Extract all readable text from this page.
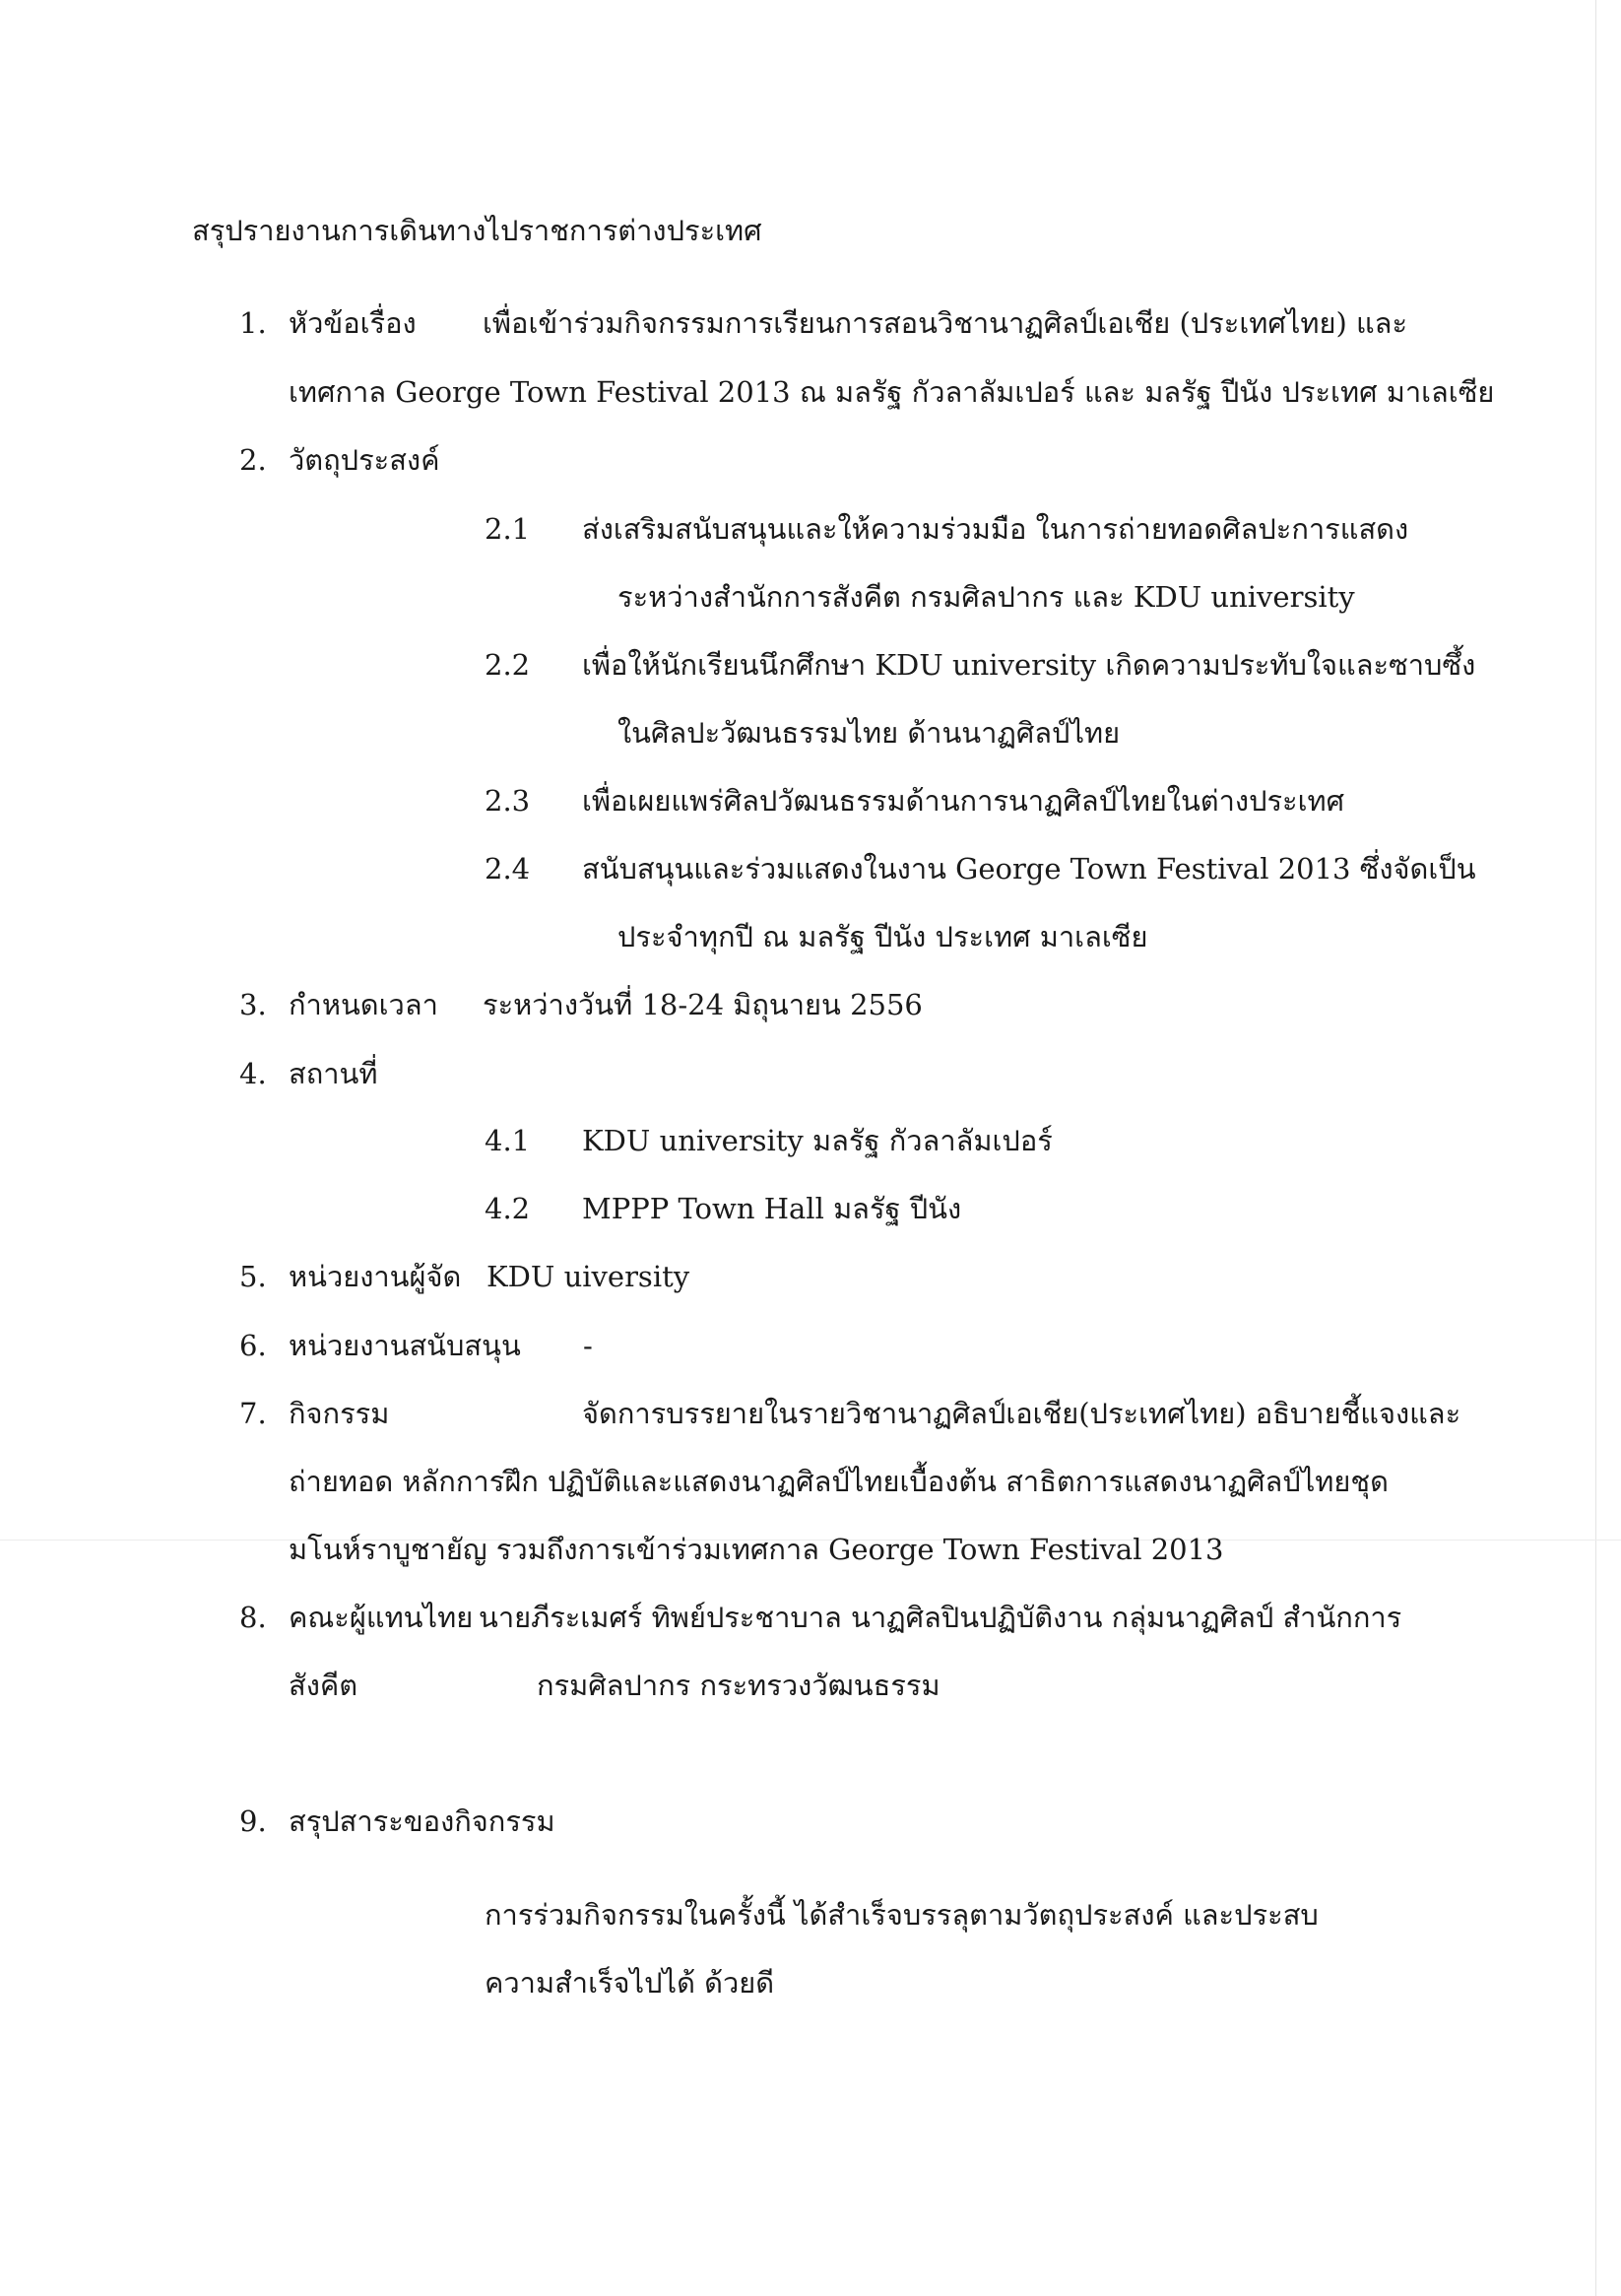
สรุปรายงานการเดินทางไปราชการต่างประเทศ
1. หัวข้อเรื่อง เพื่อเข้าร่วมกิจกรรมการเรียนการสอนวิชานาฏศิลป์เอเชีย (ประเทศไทย) และ
เทศกาล George Town Festival 2013 ณ มลรัฐ กัวลาลัมเปอร์ และ มลรัฐ ปีนัง ประเทศ มาเลเซีย
2. วัตถุประสงค์
2.1 ส่งเสริมสนับสนุนและให้ความร่วมมือ ในการถ่ายทอดศิลปะการแสดง
ระหว่างสำนักการสังคีต กรมศิลปากร และ KDU university
2.2 เพื่อให้นักเรียนนึกศึกษา KDU university เกิดความประทับใจและซาบซึ้ง
ในศิลปะวัฒนธรรมไทย ด้านนาฏศิลป์ไทย
2.3 เพื่อเผยแพร่ศิลปวัฒนธรรมด้านการนาฏศิลป์ไทยในต่างประเทศ
2.4 สนับสนุนและร่วมแสดงในงาน George Town Festival 2013 ซึ่งจัดเป็น
ประจำทุกปี ณ มลรัฐ ปีนัง ประเทศ มาเลเซีย
3. กำหนดเวลา ระหว่างวันที่ 18-24 มิถุนายน 2556
4. สถานที่
4.1 KDU university มลรัฐ กัวลาลัมเปอร์
4.2 MPPP Town Hall มลรัฐ ปีนัง
5. หน่วยงานผู้จัด KDU uiversity
6. หน่วยงานสนับสนุน -
7. กิจกรรม	จัดการบรรยายในรายวิชานาฏศิลป์เอเชีย(ประเทศไทย) อธิบายชี้แจงและ
ถ่ายทอด หลักการฝึก ปฏิบัติและแสดงนาฏศิลป์ไทยเบื้องต้น สาธิตการแสดงนาฏศิลป์ไทยชุด
มโนห์ราบูชายัญ รวมถึงการเข้าร่วมเทศกาล George Town Festival 2013
8. คณะผู้แทนไทย นายภีระเมศร์ ทิพย์ประชาบาล นาฏศิลปินปฏิบัติงาน กลุ่มนาฏศิลป์ สำนักการ
สังคีต	กรมศิลปากร กระทรวงวัฒนธรรม
9. สรุปสาระของกิจกรรม
การร่วมกิจกรรมในครั้งนี้ ได้สำเร็จบรรลุตามวัตถุประสงค์ และประสบ
ความสำเร็จไปได้ ด้วยดี
